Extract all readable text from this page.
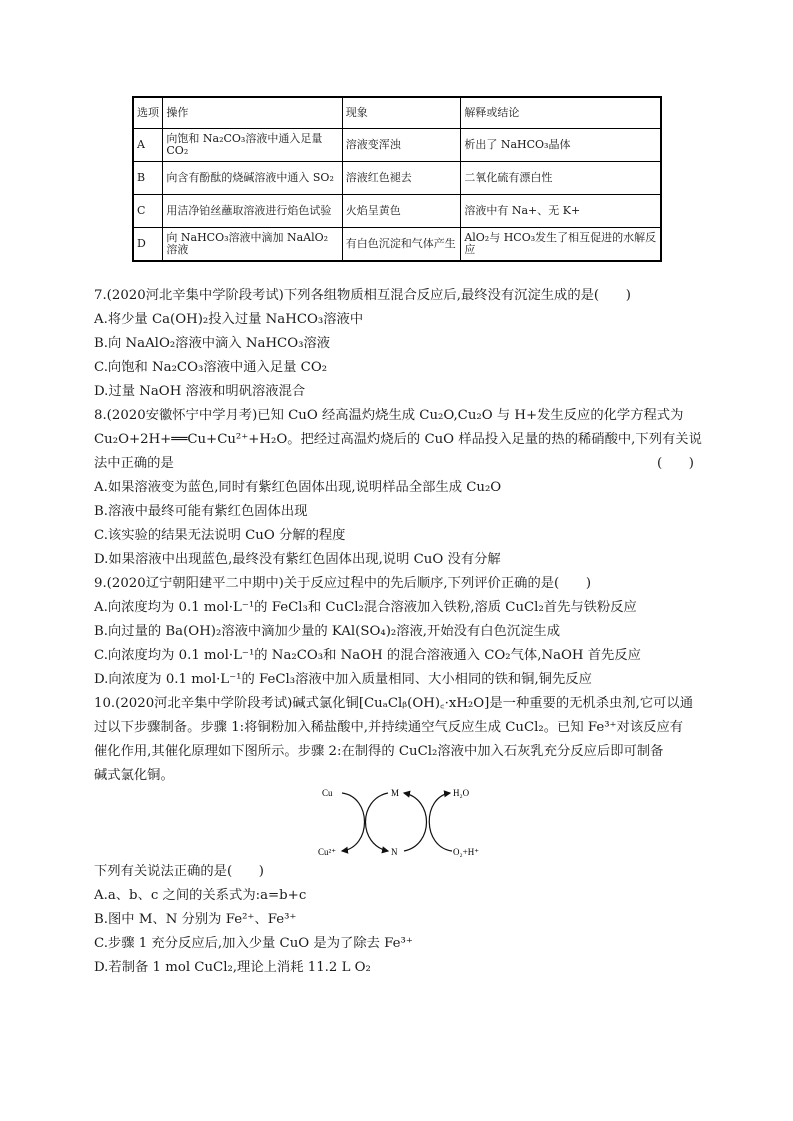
选项	操作	现象	解释或结论
A	向饱和 Na₂CO₃溶液中通入足量 CO₂	溶液变浑浊	析出了 NaHCO₃晶体
B	向含有酚酞的烧碱溶液中通入 SO₂	溶液红色褪去	二氧化硫有漂白性
C	用洁净铂丝蘸取溶液进行焰色试验	火焰呈黄色	溶液中有 Na+、无 K+
D	向 NaHCO₃溶液中滴加 NaAlO₂溶液	有白色沉淀和气体产生	AlO₂与 HCO₃发生了相互促进的水解反应
7.(2020河北辛集中学阶段考试)下列各组物质相互混合反应后,最终没有沉淀生成的是(　　)
A.将少量 Ca(OH)₂投入过量 NaHCO₃溶液中
B.向 NaAlO₂溶液中滴入 NaHCO₃溶液
C.向饱和 Na₂CO₃溶液中通入足量 CO₂
D.过量 NaOH 溶液和明矾溶液混合
8.(2020安徽怀宁中学月考)已知 CuO 经高温灼烧生成 Cu₂O,Cu₂O 与 H+发生反应的化学方程式为
Cu₂O+2H+══Cu+Cu²⁺+H₂O。把经过高温灼烧后的 CuO 样品投入足量的热的稀硝酸中,下列有关说
法中正确的是	(　　)
A.如果溶液变为蓝色,同时有紫红色固体出现,说明样品全部生成 Cu₂O
B.溶液中最终可能有紫红色固体出现
C.该实验的结果无法说明 CuO 分解的程度
D.如果溶液中出现蓝色,最终没有紫红色固体出现,说明 CuO 没有分解
9.(2020辽宁朝阳建平二中期中)关于反应过程中的先后顺序,下列评价正确的是(　　)
A.向浓度均为 0.1 mol·L⁻¹的 FeCl₃和 CuCl₂混合溶液加入铁粉,溶质 CuCl₂首先与铁粉反应
B.向过量的 Ba(OH)₂溶液中滴加少量的 KAl(SO₄)₂溶液,开始没有白色沉淀生成
C.向浓度均为 0.1 mol·L⁻¹的 Na₂CO₃和 NaOH 的混合溶液通入 CO₂气体,NaOH 首先反应
D.向浓度为 0.1 mol·L⁻¹的 FeCl₃溶液中加入质量相同、大小相同的铁和铜,铜先反应
10.(2020河北辛集中学阶段考试)碱式氯化铜[CuₐClᵦ(OH)꜀·xH₂O]是一种重要的无机杀虫剂,它可以通
过以下步骤制备。步骤 1:将铜粉加入稀盐酸中,并持续通空气反应生成 CuCl₂。已知 Fe³⁺对该反应有
催化作用,其催化原理如下图所示。步骤 2:在制得的 CuCl₂溶液中加入石灰乳充分反应后即可制备
碱式氯化铜。
Cu
Cu²⁺
M
N
H₂O
O₂+H⁺
下列有关说法正确的是(　　)
A.a、b、c 之间的关系式为:a=b+c
B.图中 M、N 分别为 Fe²⁺、Fe³⁺
C.步骤 1 充分反应后,加入少量 CuO 是为了除去 Fe³⁺
D.若制备 1 mol CuCl₂,理论上消耗 11.2 L O₂
